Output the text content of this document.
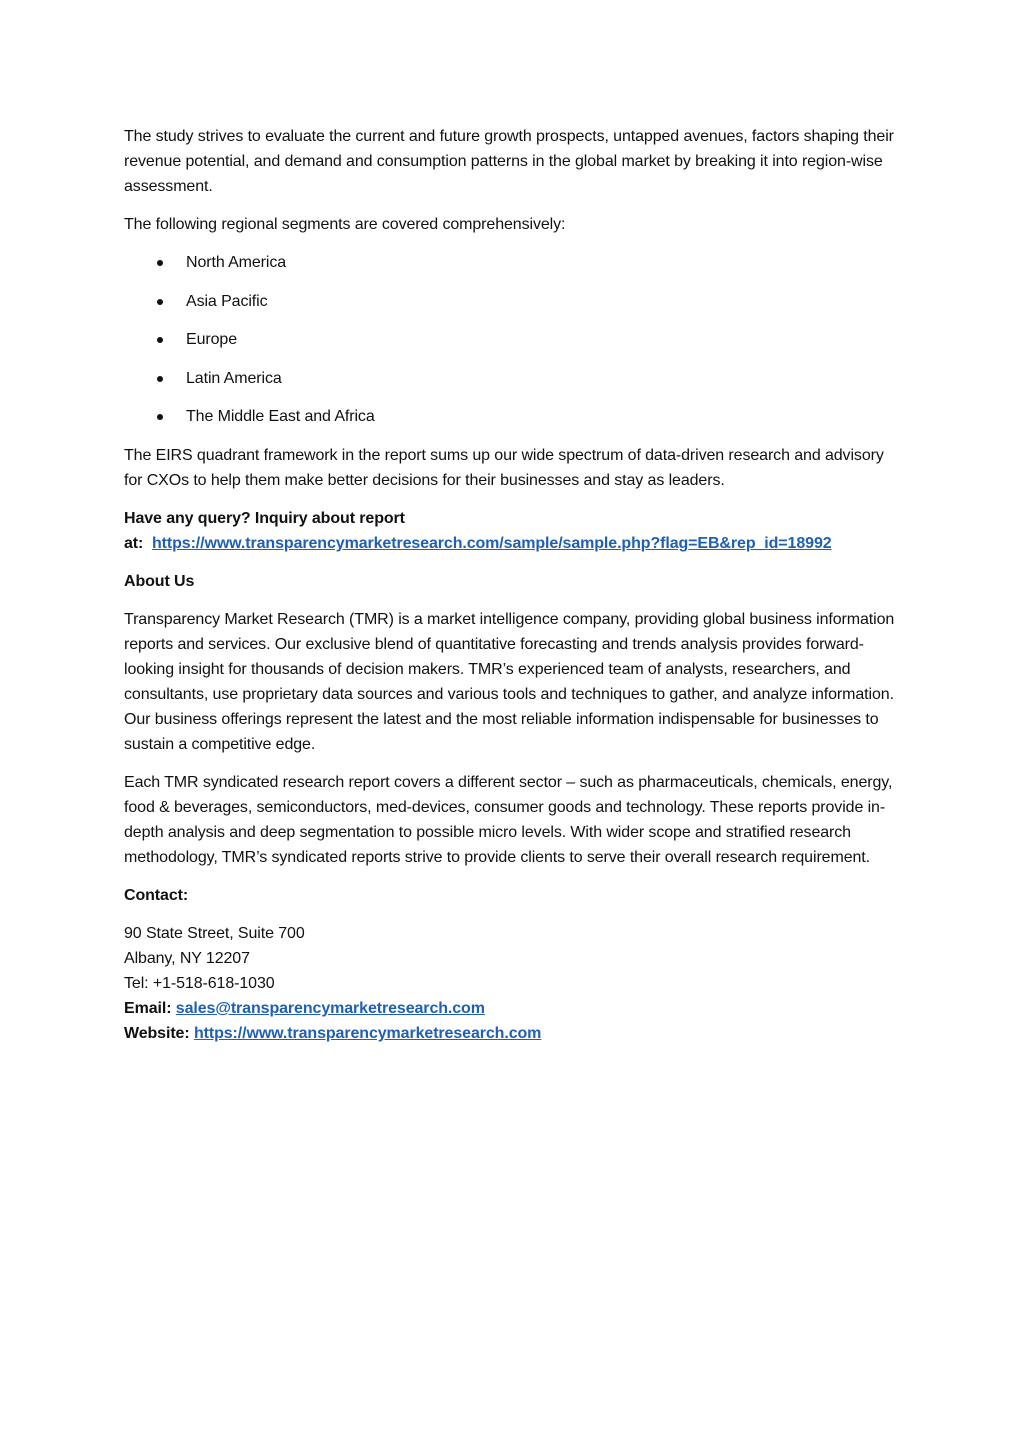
The study strives to evaluate the current and future growth prospects, untapped avenues, factors shaping their revenue potential, and demand and consumption patterns in the global market by breaking it into region-wise assessment.

The following regional segments are covered comprehensively:

North America
Asia Pacific
Europe
Latin America
The Middle East and Africa

The EIRS quadrant framework in the report sums up our wide spectrum of data-driven research and advisory for CXOs to help them make better decisions for their businesses and stay as leaders.

Have any query? Inquiry about report
at: https://www.transparencymarketresearch.com/sample/sample.php?flag=EB&rep_id=18992

About Us

Transparency Market Research (TMR) is a market intelligence company, providing global business information reports and services. Our exclusive blend of quantitative forecasting and trends analysis provides forward-looking insight for thousands of decision makers. TMR’s experienced team of analysts, researchers, and consultants, use proprietary data sources and various tools and techniques to gather, and analyze information. Our business offerings represent the latest and the most reliable information indispensable for businesses to sustain a competitive edge.

Each TMR syndicated research report covers a different sector – such as pharmaceuticals, chemicals, energy, food & beverages, semiconductors, med-devices, consumer goods and technology. These reports provide in-depth analysis and deep segmentation to possible micro levels. With wider scope and stratified research methodology, TMR’s syndicated reports strive to provide clients to serve their overall research requirement.

Contact:

90 State Street, Suite 700

Albany, NY 12207

Tel: +1-518-618-1030

Email: sales@transparencymarketresearch.com

Website: https://www.transparencymarketresearch.com
